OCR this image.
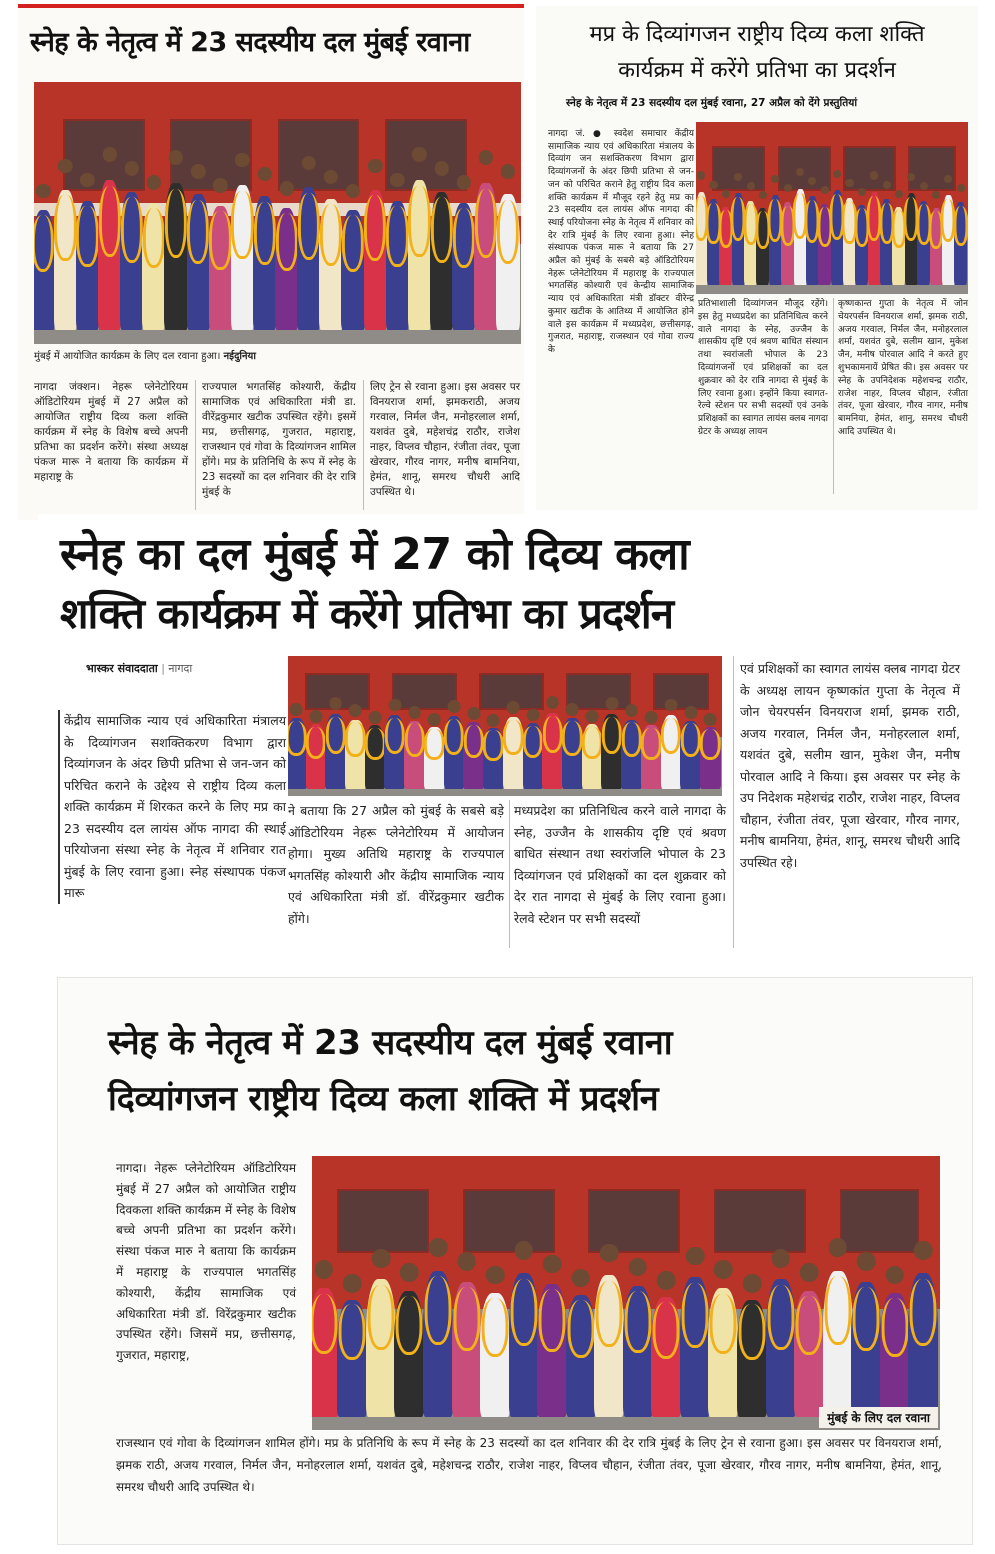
स्नेह के नेतृत्व में 23 सदस्यीय दल मुंबई रवाना
मुंबई में आयोजित कार्यक्रम के लिए दल रवाना हुआ। नईदुनिया
नागदा जंक्शन। नेहरू प्लेनेटोरियम ऑडिटोरियम मुंबई में 27 अप्रैल को आयोजित राष्ट्रीय दिव्य कला शक्ति कार्यक्रम में स्नेह के विशेष बच्चे अपनी प्रतिभा का प्रदर्शन करेंगे। संस्था अध्यक्ष पंकज मारू ने बताया कि कार्यक्रम में महाराष्ट्र के
राज्यपाल भगतसिंह कोश्यारी, केंद्रीय सामाजिक एवं अधिकारिता मंत्री डा. वीरेंद्रकुमार खटीक उपस्थित रहेंगे। इसमें मप्र, छत्तीसगढ़, गुजरात, महाराष्ट्र, राजस्थान एवं गोवा के दिव्यांगजन शामिल होंगे। मप्र के प्रतिनिधि के रूप में स्नेह के 23 सदस्यों का दल शनिवार की देर रात्रि मुंबई के
लिए ट्रेन से रवाना हुआ। इस अवसर पर विनयराज शर्मा, झमकराठी, अजय गरवाल, निर्मल जैन, मनोहरलाल शर्मा, यशवंत दुबे, महेशचंद्र राठौर, राजेश नाहर, विप्लव चौहान, रंजीता तंवर, पूजा खेरवार, गौरव नागर, मनीष बामनिया, हेमंत, शानू, समरथ चौधरी आदि उपस्थित थे।
मप्र के दिव्यांगजन राष्ट्रीय दिव्य कला शक्ति
कार्यक्रम में करेंगे प्रतिभा का प्रदर्शन
स्नेह के नेतृत्व में 23 सदस्यीय दल मुंबई रवाना, 27 अप्रैल को देंगे प्रस्तुतियां
नागदा जं. ● स्वदेश समाचार केंद्रीय सामाजिक न्याय एवं अधिकारिता मंत्रालय के दिव्यांग जन सशक्तिकरण विभाग द्वारा दिव्यांगजनों के अंदर छिपी प्रतिभा से जन-जन को परिचित कराने हेतु राष्ट्रीय दिव कला शक्ति कार्यक्रम में मौजूद रहने हेतु मप्र का 23 सदस्यीय दल लायंस ऑफ नागदा की स्थाई परियोजना स्नेह के नेतृत्व में शनिवार को देर रात्रि मुंबई के लिए रवाना हुआ। स्नेह संस्थापक पंकज मारू ने बताया कि 27 अप्रैल को मुंबई के सबसे बड़े ऑडिटोरियम नेहरू प्लेनेटोरियम में महाराष्ट्र के राज्यपाल भगतसिंह कोश्यारी एवं केन्द्रीय सामाजिक न्याय एवं अधिकारिता मंत्री डॉक्टर वीरेन्द्र कुमार खटीक के आतिथ्य में आयोजित होने वाले इस कार्यक्रम में मध्यप्रदेश, छत्तीसगढ़, गुजरात, महाराष्ट्र, राजस्थान एवं गोवा राज्य के
प्रतिभाशाली दिव्यांगजन मौजूद रहेंगे। इस हेतु मध्यप्रदेश का प्रतिनिधित्व करने वाले नागदा के स्नेह, उज्जैन के शासकीय दृष्टि एवं श्रवण बाधित संस्थान तथा स्वरांजली भोपाल के 23 दिव्यांगजनों एवं प्रशिक्षकों का दल शुक्रवार को देर रात्रि नागदा से मुंबई के लिए रवाना हुआ। इन्होंने किया स्वागत- रेल्वे स्टेशन पर सभी सदस्यों एवं उनके प्रशिक्षकों का स्वागत लायंस क्लब नागदा ग्रेटर के अध्यक्ष लायन
कृष्णकान्त गुप्ता के नेतृत्व में जोन चेयरपर्सन विनयराज शर्मा, झमक राठी, अजय गरवाल, निर्मल जैन, मनोहरलाल शर्मा, यशवंत दुबे, सलीम खान, मुकेश जैन, मनीष पोरवाल आदि ने करते हुए शुभकामनायें प्रेषित की। इस अवसर पर स्नेह के उपनिदेशक महेशचन्द्र राठौर, राजेश नाहर, विप्लव चौहान, रंजीता तंवर, पूजा खेरवार, गौरव नागर, मनीष बामनिया, हेमंत, शानु, समरथ चौधरी आदि उपस्थित थे।
स्नेह का दल मुंबई में 27 को दिव्य कला
शक्ति कार्यक्रम में करेंगे प्रतिभा का प्रदर्शन
भास्कर संवाददाता | नागदा
केंद्रीय सामाजिक न्याय एवं अधिकारिता मंत्रालय के दिव्यांगजन सशक्तिकरण विभाग द्वारा दिव्यांगजन के अंदर छिपी प्रतिभा से जन-जन को परिचित कराने के उद्देश्य से राष्ट्रीय दिव्य कला शक्ति कार्यक्रम में शिरकत करने के लिए मप्र का 23 सदस्यीय दल लायंस ऑफ नागदा की स्थाई परियोजना संस्था स्नेह के नेतृत्व में शनिवार रात मुंबई के लिए रवाना हुआ। स्नेह संस्थापक पंकज मारू
ने बताया कि 27 अप्रैल को मुंबई के सबसे बड़े ऑडिटोरियम नेहरू प्लेनेटोरियम में आयोजन होगा। मुख्य अतिथि महाराष्ट्र के राज्यपाल भगतसिंह कोश्यारी और केंद्रीय सामाजिक न्याय एवं अधिकारिता मंत्री डॉ. वीरेंद्रकुमार खटीक होंगे।
मध्यप्रदेश का प्रतिनिधित्व करने वाले नागदा के स्नेह, उज्जैन के शासकीय दृष्टि एवं श्रवण बाधित संस्थान तथा स्वरांजलि भोपाल के 23 दिव्यांगजन एवं प्रशिक्षकों का दल शुक्रवार को देर रात नागदा से मुंबई के लिए रवाना हुआ। रेलवे स्टेशन पर सभी सदस्यों
एवं प्रशिक्षकों का स्वागत लायंस क्लब नागदा ग्रेटर के अध्यक्ष लायन कृष्णकांत गुप्ता के नेतृत्व में जोन चेयरपर्सन विनयराज शर्मा, झमक राठी, अजय गरवाल, निर्मल जैन, मनोहरलाल शर्मा, यशवंत दुबे, सलीम खान, मुकेश जैन, मनीष पोरवाल आदि ने किया। इस अवसर पर स्नेह के उप निदेशक महेशचंद्र राठौर, राजेश नाहर, विप्लव चौहान, रंजीता तंवर, पूजा खेरवार, गौरव नागर, मनीष बामनिया, हेमंत, शानू, समरथ चौधरी आदि उपस्थित रहे।
स्नेह के नेतृत्व में 23 सदस्यीय दल मुंबई रवाना
दिव्यांगजन राष्ट्रीय दिव्य कला शक्ति में प्रदर्शन
नागदा। नेहरू प्लेनेटोरियम ऑडिटोरियम मुंबई में 27 अप्रैल को आयोजित राष्ट्रीय दिवकला शक्ति कार्यक्रम में स्नेह के विशेष बच्चे अपनी प्रतिभा का प्रदर्शन करेंगे। संस्था पंकज मारु ने बताया कि कार्यक्रम में महाराष्ट्र के राज्यपाल भगतसिंह कोश्यारी, केंद्रीय सामाजिक एवं अधिकारिता मंत्री डॉ. विरेंद्रकुमार खटीक उपस्थित रहेंगे। जिसमें मप्र, छत्तीसगढ़, गुजरात, महाराष्ट्र,
मुंबई के लिए दल रवाना
राजस्थान एवं गोवा के दिव्यांगजन शामिल होंगे। मप्र के प्रतिनिधि के रूप में स्नेह के 23 सदस्यों का दल शनिवार की देर रात्रि मुंबई के लिए ट्रेन से रवाना हुआ। इस अवसर पर विनयराज शर्मा, झमक राठी, अजय गरवाल, निर्मल जैन, मनोहरलाल शर्मा, यशवंत दुबे, महेशचन्द्र राठौर, राजेश नाहर, विप्लव चौहान, रंजीता तंवर, पूजा खेरवार, गौरव नागर, मनीष बामनिया, हेमंत, शानू, समरथ चौधरी आदि उपस्थित थे।
